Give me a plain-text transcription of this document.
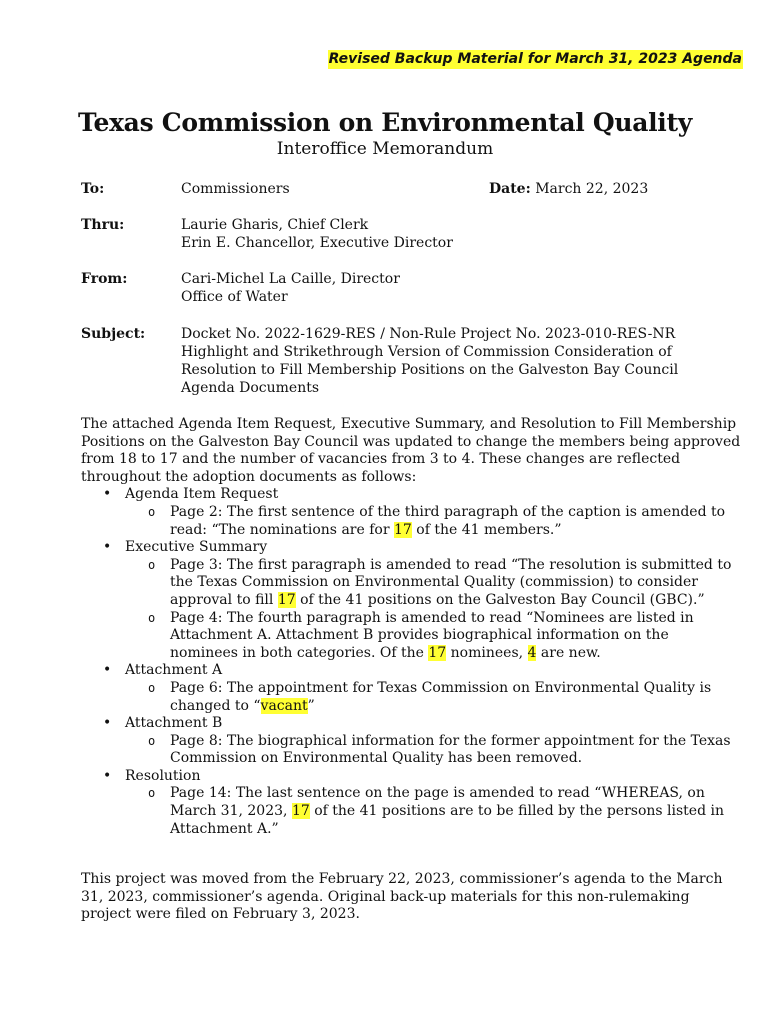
Revised Backup Material for March 31, 2023 Agenda
Texas Commission on Environmental Quality
Interoffice Memorandum
To:	Commissioners	Date: March 22, 2023
Thru:	Laurie Gharis, Chief Clerk
Erin E. Chancellor, Executive Director
From:	Cari-Michel La Caille, Director
Office of Water
Subject:	Docket No. 2022-1629-RES / Non-Rule Project No. 2023-010-RES-NR
Highlight and Strikethrough Version of Commission Consideration of
Resolution to Fill Membership Positions on the Galveston Bay Council
Agenda Documents
The attached Agenda Item Request, Executive Summary, and Resolution to Fill Membership Positions on the Galveston Bay Council was updated to change the members being approved from 18 to 17 and the number of vacancies from 3 to 4. These changes are reflected throughout the adoption documents as follows:
• Agenda Item Request
o Page 2: The first sentence of the third paragraph of the caption is amended to read: “The nominations are for 17 of the 41 members.”
• Executive Summary
o Page 3: The first paragraph is amended to read “The resolution is submitted to the Texas Commission on Environmental Quality (commission) to consider approval to fill 17 of the 41 positions on the Galveston Bay Council (GBC).”
o Page 4: The fourth paragraph is amended to read “Nominees are listed in Attachment A. Attachment B provides biographical information on the nominees in both categories. Of the 17 nominees, 4 are new.
• Attachment A
o Page 6: The appointment for Texas Commission on Environmental Quality is changed to “vacant”
• Attachment B
o Page 8: The biographical information for the former appointment for the Texas Commission on Environmental Quality has been removed.
• Resolution
o Page 14: The last sentence on the page is amended to read “WHEREAS, on March 31, 2023, 17 of the 41 positions are to be filled by the persons listed in Attachment A.”
This project was moved from the February 22, 2023, commissioner’s agenda to the March 31, 2023, commissioner’s agenda. Original back-up materials for this non-rulemaking project were filed on February 3, 2023.
